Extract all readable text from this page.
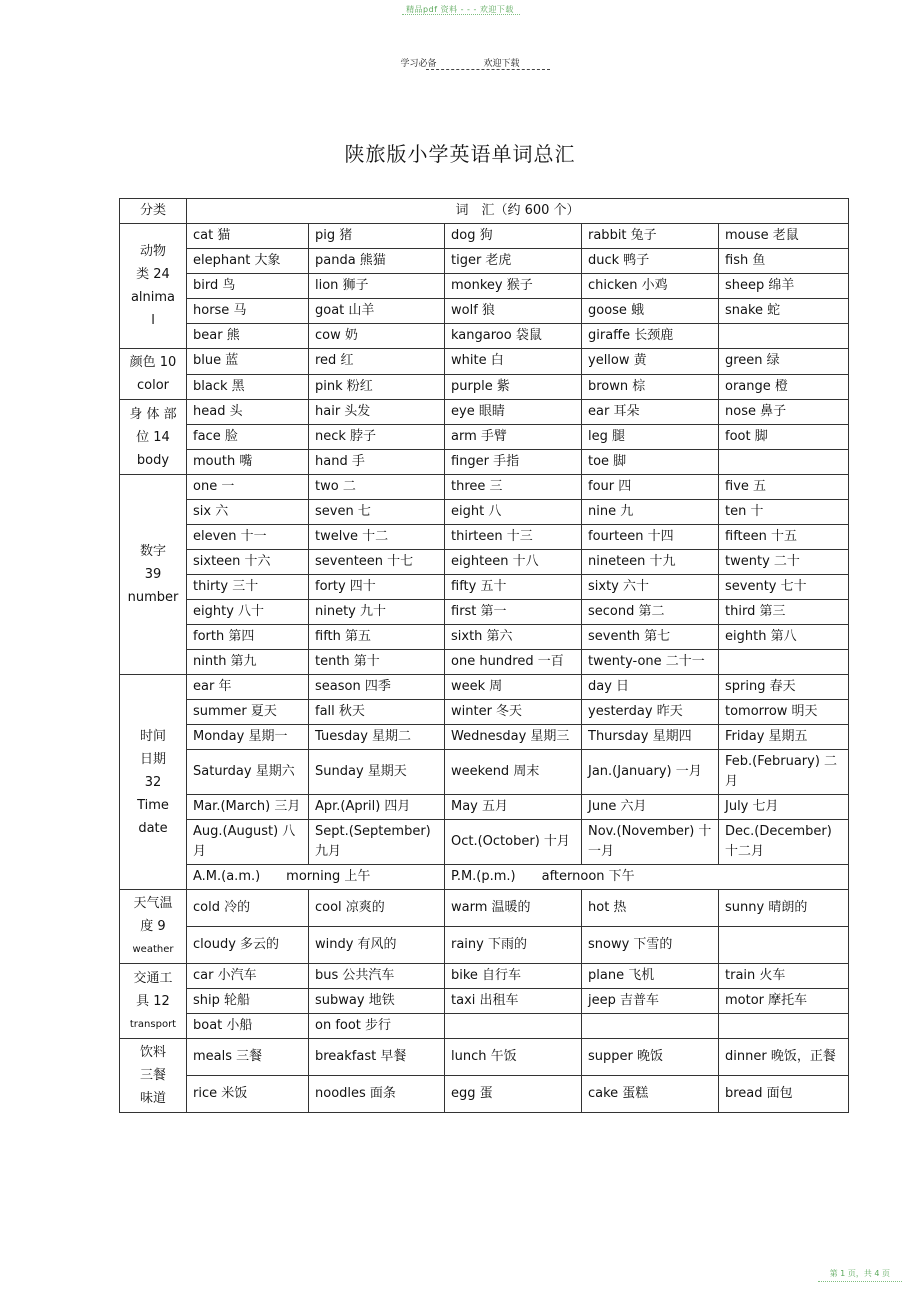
精品pdf 资料 - - - 欢迎下载
学习必备	欢迎下载
陕旅版小学英语单词总汇
分类	词　汇（约 600 个）				

动物
类 24
alnima
l	cat 猫	pig 猪	dog 狗	rabbit 兔子	mouse 老鼠
	elephant 大象	panda 熊猫	tiger 老虎	duck 鸭子	fish 鱼
	bird 鸟	lion 狮子	monkey 猴子	chicken 小鸡	sheep 绵羊
	horse 马	goat 山羊	wolf 狼	goose 蛾	snake 蛇
	bear 熊	cow 奶	kangaroo 袋鼠	giraffe 长颈鹿	

颜色 10
color	blue 蓝	red 红	white 白	yellow 黄	green 绿
	black 黑	pink 粉红	purple 紫	brown 棕	orange 橙

身 体 部
位 14
body	head 头	hair 头发	eye 眼睛	ear 耳朵	nose 鼻子
	face 脸	neck 脖子	arm 手臂	leg 腿	foot 脚
	mouth 嘴	hand 手	finger 手指	toe 脚	

数字
39
number	one 一	two 二	three 三	four 四	five 五
	six 六	seven 七	eight 八	nine 九	ten 十
	eleven 十一	twelve 十二	thirteen 十三	fourteen 十四	fifteen 十五
	sixteen 十六	seventeen 十七	eighteen 十八	nineteen 十九	twenty 二十
	thirty 三十	forty 四十	fifty 五十	sixty 六十	seventy 七十
	eighty 八十	ninety 九十	first 第一	second 第二	third 第三
	forth 第四	fifth 第五	sixth 第六	seventh 第七	eighth 第八
	ninth 第九	tenth 第十	one hundred 一百	twenty-one 二十一	

时间
日期
32
Time
date	ear 年	season 四季	week 周	day 日	spring 春天
	summer 夏天	fall 秋天	winter 冬天	yesterday 昨天	tomorrow 明天
	Monday 星期一	Tuesday 星期二	Wednesday 星期三	Thursday 星期四	Friday 星期五
	Saturday 星期六	Sunday 星期天	weekend 周末	Jan.(January) 一月	Feb.(February) 二月
	Mar.(March) 三月	Apr.(April) 四月	May 五月	June 六月	July 七月
	Aug.(August) 八月	Sept.(September) 九月	Oct.(October) 十月	Nov.(November) 十一月	Dec.(December) 十二月
	A.M.(a.m.)　　morning 上午		P.M.(p.m.)　　afternoon 下午		

天气温
度 9
weather	cold 冷的	cool 凉爽的	warm 温暖的	hot 热	sunny 晴朗的
	cloudy 多云的	windy 有风的	rainy 下雨的	snowy 下雪的	

交通工
具 12
transport	car 小汽车	bus 公共汽车	bike 自行车	plane 飞机	train 火车
	ship 轮船	subway 地铁	taxi 出租车	jeep 吉普车	motor 摩托车
	boat 小船	on foot 步行			

饮料
三餐
味道	meals 三餐	breakfast 早餐	lunch 午饭	supper 晚饭	dinner 晚饭，正餐
	rice 米饭	noodles 面条	egg 蛋	cake 蛋糕	bread 面包
第 1 页，共 4 页
